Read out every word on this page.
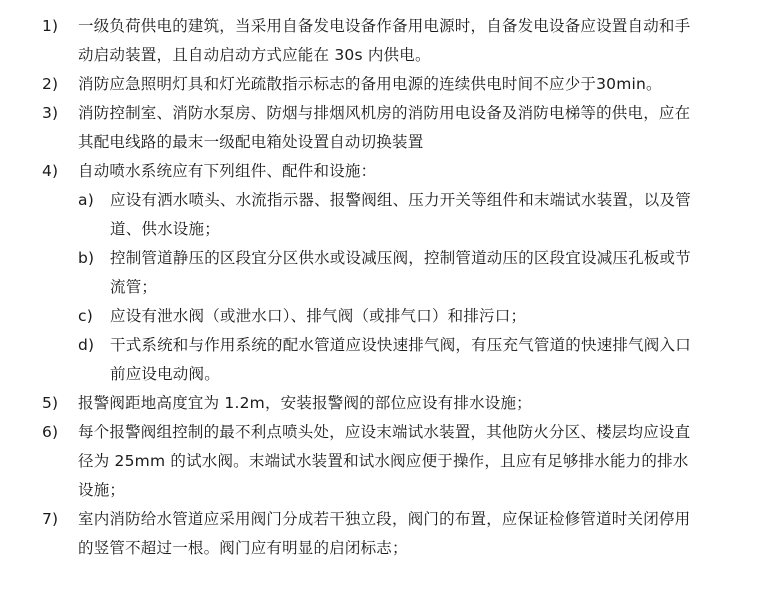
1) 一级负荷供电的建筑，当采用自备发电设备作备用电源时，自备发电设备应设置自动和手动启动装置，且自动启动方式应能在 30s 内供电。
2) 消防应急照明灯具和灯光疏散指示标志的备用电源的连续供电时间不应少于30min。
3) 消防控制室、消防水泵房、防烟与排烟风机房的消防用电设备及消防电梯等的供电，应在其配电线路的最末一级配电箱处设置自动切换装置
4) 自动喷水系统应有下列组件、配件和设施：
a) 应设有洒水喷头、水流指示器、报警阀组、压力开关等组件和末端试水装置，以及管道、供水设施；
b) 控制管道静压的区段宜分区供水或设减压阀，控制管道动压的区段宜设减压孔板或节流管；
c) 应设有泄水阀（或泄水口）、排气阀（或排气口）和排污口；
d) 干式系统和与作用系统的配水管道应设快速排气阀，有压充气管道的快速排气阀入口前应设电动阀。
5) 报警阀距地高度宜为 1.2m，安装报警阀的部位应设有排水设施；
6) 每个报警阀组控制的最不利点喷头处，应设末端试水装置，其他防火分区、楼层均应设直径为 25mm 的试水阀。末端试水装置和试水阀应便于操作，且应有足够排水能力的排水设施；
7) 室内消防给水管道应采用阀门分成若干独立段，阀门的布置，应保证检修管道时关闭停用的竖管不超过一根。阀门应有明显的启闭标志；
